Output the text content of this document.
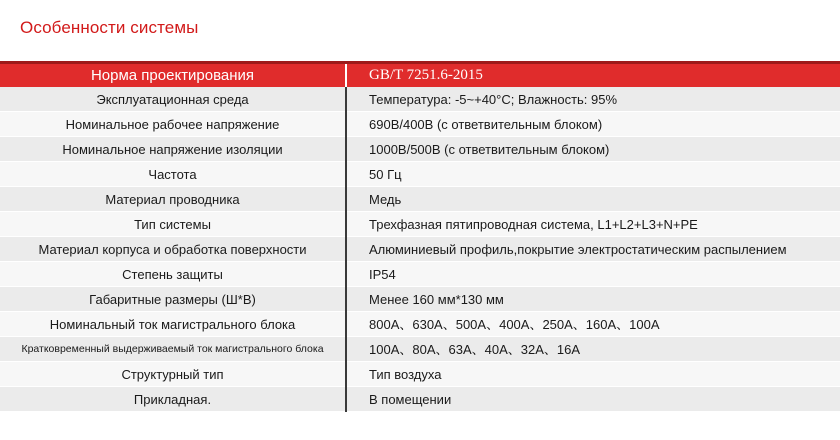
Особенности системы
Норма проектирования	GB/T 7251.6-2015
Эксплуатационная среда	Температура: -5~+40°C; Влажность: 95%
Номинальное рабочее напряжение	690В/400В (с ответвительным блоком)
Номинальное напряжение изоляции	1000В/500В (с ответвительным блоком)
Частота	50 Гц
Материал проводника	Медь
Тип системы	Трехфазная пятипроводная система, L1+L2+L3+N+PE
Материал корпуса и обработка поверхности	Алюминиевый профиль,покрытие электростатическим распылением
Степень защиты	IP54
Габаритные размеры (Ш*В)	Менее 160 мм*130 мм
Номинальный ток магистрального блока	800A、630A、500A、400A、250A、160A、100A
Кратковременный выдерживаемый ток магистрального блока	100A、80A、63A、40A、32A、16A
Структурный тип	Тип воздуха
Прикладная.	В помещении
